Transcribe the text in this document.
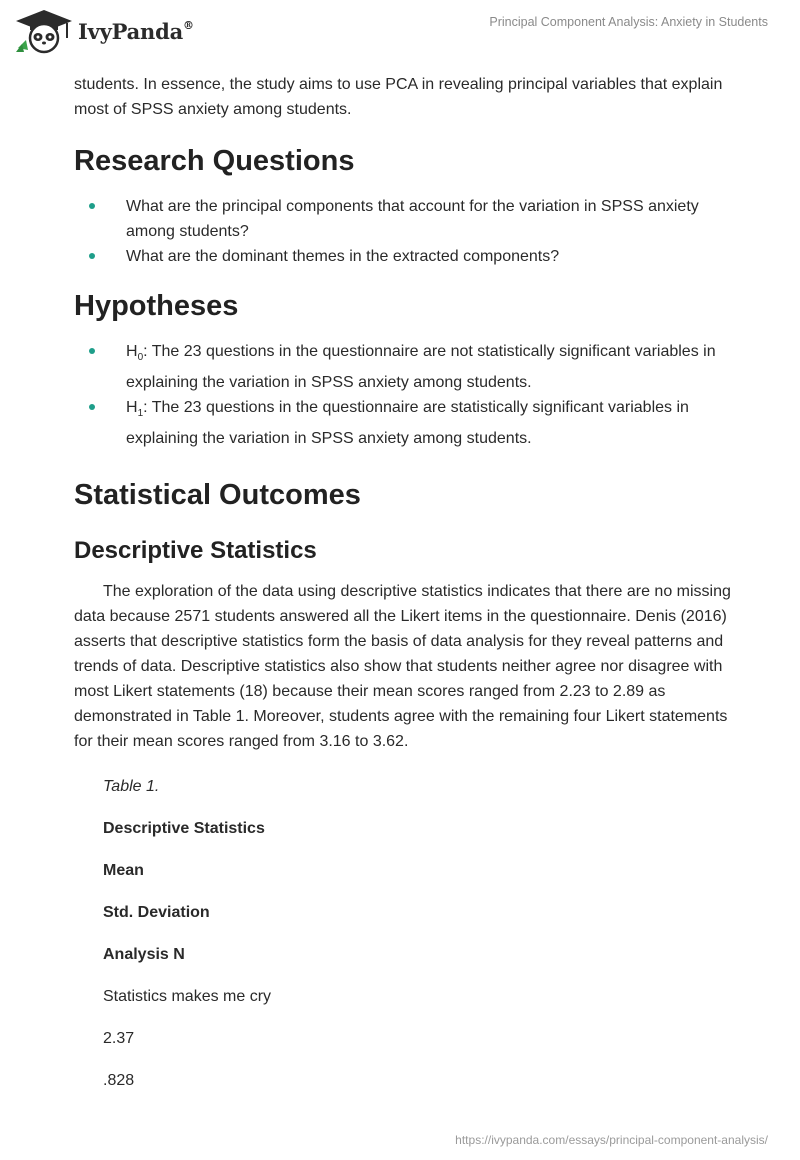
IvyPanda®	Principal Component Analysis: Anxiety in Students

students. In essence, the study aims to use PCA in revealing principal variables that explain most of SPSS anxiety among students.

Research Questions
What are the principal components that account for the variation in SPSS anxiety among students?
What are the dominant themes in the extracted components?
Hypotheses
$H_0$: The 23 questions in the questionnaire are not statistically significant variables in explaining the variation in SPSS anxiety among students.
$H_1$: The 23 questions in the questionnaire are statistically significant variables in explaining the variation in SPSS anxiety among students.
Statistical Outcomes
Descriptive Statistics

The exploration of the data using descriptive statistics indicates that there are no missing data because 2571 students answered all the Likert items in the questionnaire. Denis (2016) asserts that descriptive statistics form the basis of data analysis for they reveal patterns and trends of data. Descriptive statistics also show that students neither agree nor disagree with most Likert statements (18) because their mean scores ranged from 2.23 to 2.89 as demonstrated in Table 1. Moreover, students agree with the remaining four Likert statements for their mean scores ranged from 3.16 to 3.62.

Table 1.

Descriptive Statistics

Mean

Std. Deviation

Analysis N

Statistics makes me cry

2.37

.828

https://ivypanda.com/essays/principal-component-analysis/
